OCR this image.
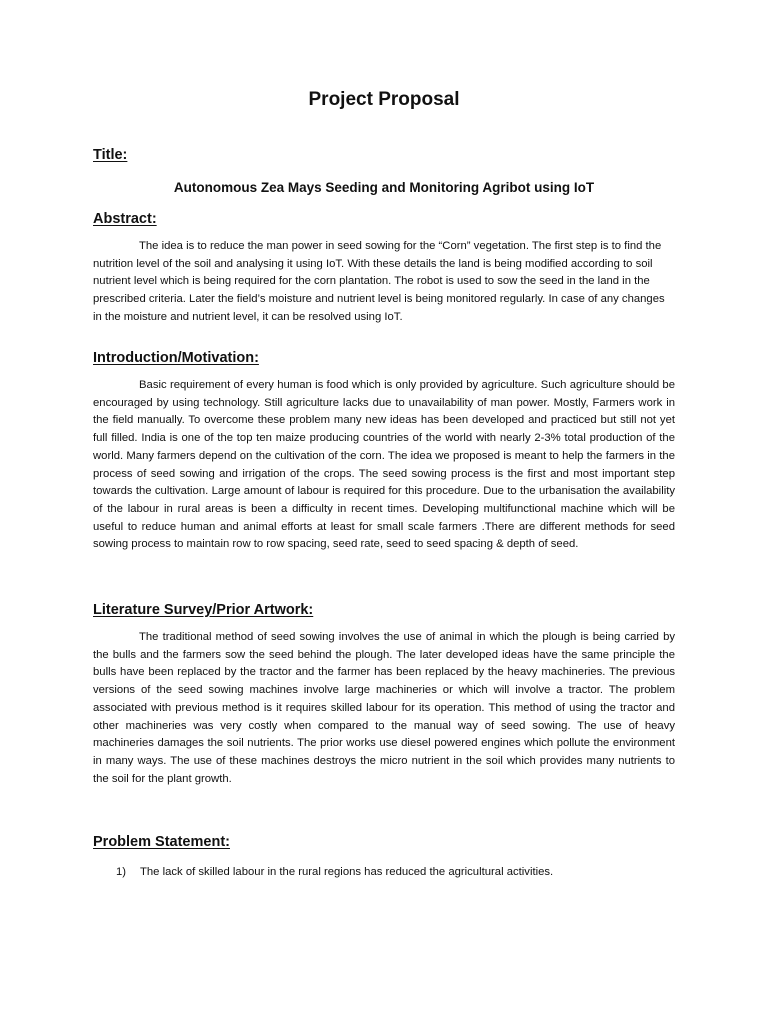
Project Proposal
Title:

Autonomous Zea Mays Seeding and Monitoring Agribot using IoT

Abstract:

The idea is to reduce the man power in seed sowing for the “Corn” vegetation. The first step is to find the nutrition level of the soil and analysing it using IoT. With these details the land is being modified according to soil nutrient level which is being required for the corn plantation. The robot is used to sow the seed in the land in the prescribed criteria. Later the field’s moisture and nutrient level is being monitored regularly. In case of any changes in the moisture and nutrient level, it can be resolved using IoT.

Introduction/Motivation:

Basic requirement of every human is food which is only provided by agriculture. Such agriculture should be encouraged by using technology. Still agriculture lacks due to unavailability of man power. Mostly, Farmers work in the field manually. To overcome these problem many new ideas has been developed and practiced but still not yet full filled. India is one of the top ten maize producing countries of the world with nearly 2-3% total production of the world. Many farmers depend on the cultivation of the corn. The idea we proposed is meant to help the farmers in the process of seed sowing and irrigation of the crops. The seed sowing process is the first and most important step towards the cultivation. Large amount of labour is required for this procedure. Due to the urbanisation the availability of the labour in rural areas is been a difficulty in recent times. Developing multifunctional machine which will be useful to reduce human and animal efforts at least for small scale farmers .There are different methods for seed sowing process to maintain row to row spacing, seed rate, seed to seed spacing & depth of seed.

Literature Survey/Prior Artwork:

The traditional method of seed sowing involves the use of animal in which the plough is being carried by the bulls and the farmers sow the seed behind the plough. The later developed ideas have the same principle the bulls have been replaced by the tractor and the farmer has been replaced by the heavy machineries. The previous versions of the seed sowing machines involve large machineries or which will involve a tractor. The problem associated with previous method is it requires skilled labour for its operation. This method of using the tractor and other machineries was very costly when compared to the manual way of seed sowing. The use of heavy machineries damages the soil nutrients. The prior works use diesel powered engines which pollute the environment in many ways. The use of these machines destroys the micro nutrient in the soil which provides many nutrients to the soil for the plant growth.

Problem Statement:

1) The lack of skilled labour in the rural regions has reduced the agricultural activities.
